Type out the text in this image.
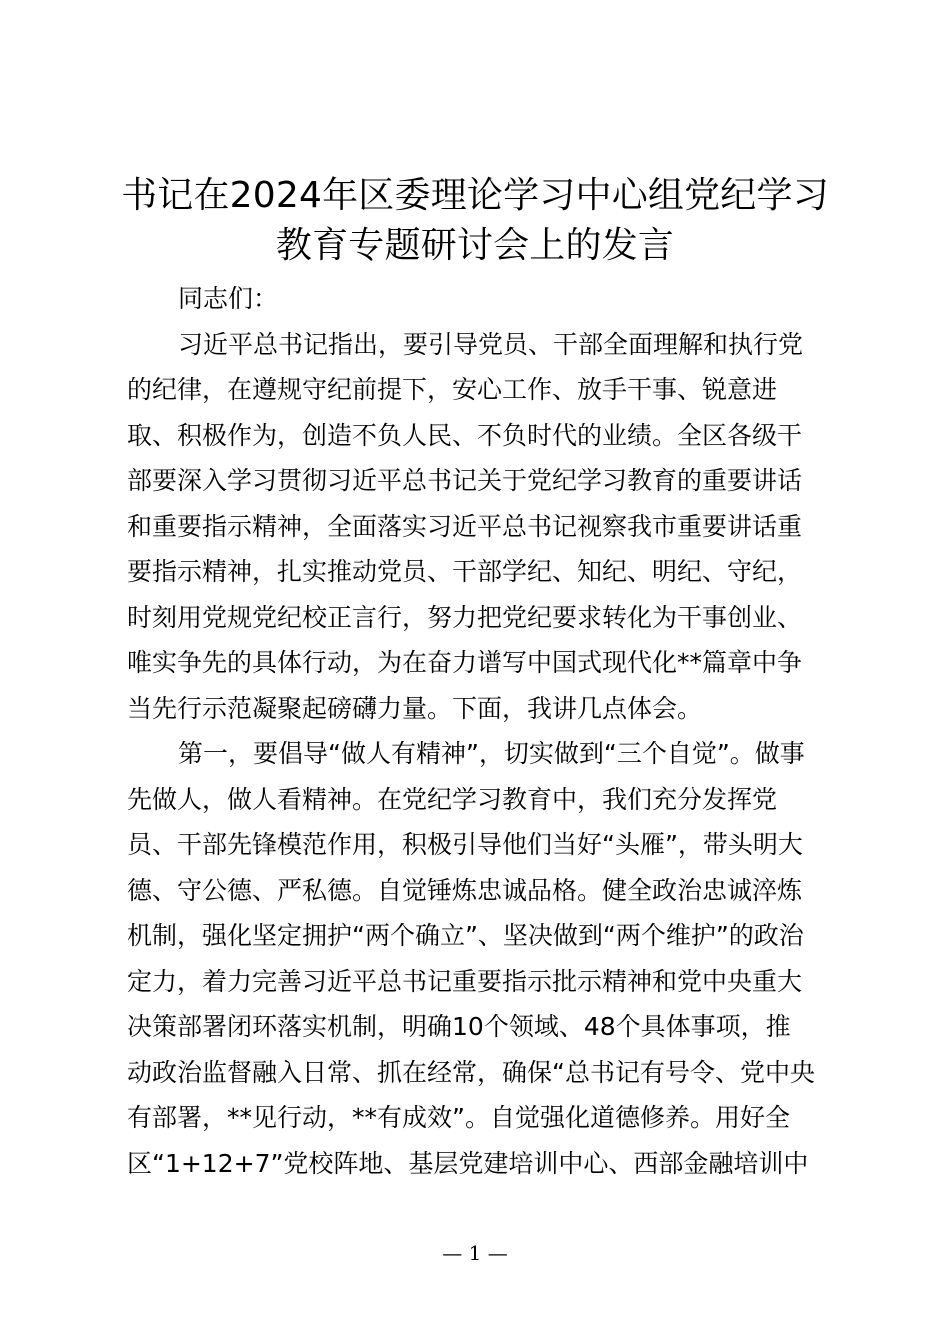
书记在2024年区委理论学习中心组党纪学习
教育专题研讨会上的发言
同志们：
习近平总书记指出，要引导党员、干部全面理解和执行党
的纪律，在遵规守纪前提下，安心工作、放手干事、锐意进
取、积极作为，创造不负人民、不负时代的业绩。全区各级干
部要深入学习贯彻习近平总书记关于党纪学习教育的重要讲话
和重要指示精神，全面落实习近平总书记视察我市重要讲话重
要指示精神，扎实推动党员、干部学纪、知纪、明纪、守纪，
时刻用党规党纪校正言行，努力把党纪要求转化为干事创业、
唯实争先的具体行动，为在奋力谱写中国式现代化**篇章中争
当先行示范凝聚起磅礴力量。下面，我讲几点体会。
第一，要倡导“做人有精神”，切实做到“三个自觉”。做事
先做人，做人看精神。在党纪学习教育中，我们充分发挥党
员、干部先锋模范作用，积极引导他们当好“头雁”，带头明大
德、守公德、严私德。自觉锤炼忠诚品格。健全政治忠诚淬炼
机制，强化坚定拥护“两个确立”、坚决做到“两个维护”的政治
定力，着力完善习近平总书记重要指示批示精神和党中央重大
决策部署闭环落实机制，明确10个领域、48个具体事项，推
动政治监督融入日常、抓在经常，确保“总书记有号令、党中央
有部署，**见行动，**有成效”。自觉强化道德修养。用好全
区“1+12+7”党校阵地、基层党建培训中心、西部金融培训中
— 1 —
